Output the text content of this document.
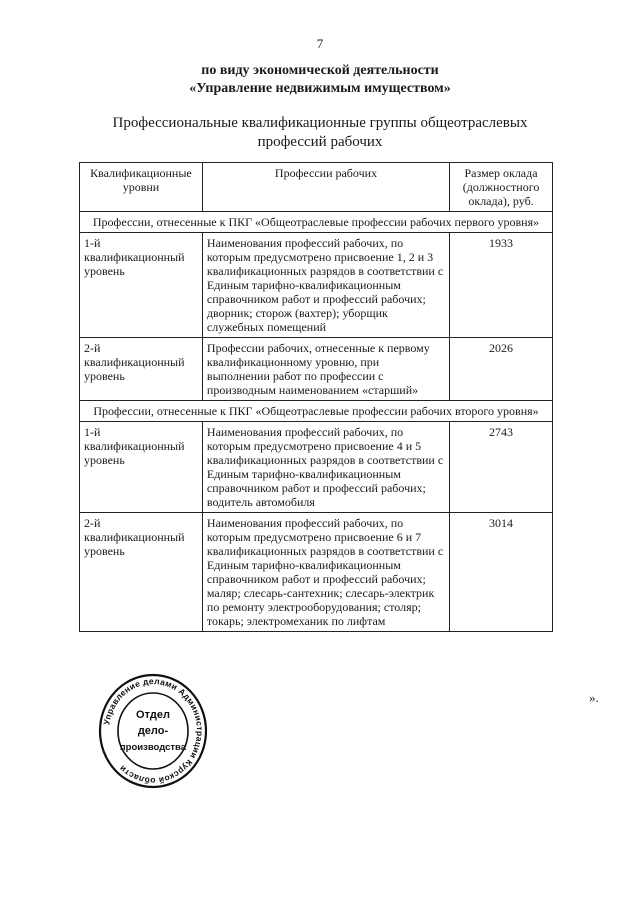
7
по виду экономической деятельности
«Управление недвижимым имуществом»
Профессиональные квалификационные группы общеотраслевых
профессий рабочих
Квалификационные уровни	Профессии рабочих	Размер оклада (должностного оклада), руб.
Профессии, отнесенные к ПКГ «Общеотраслевые профессии рабочих первого уровня»		
1-й квалификационный уровень	Наименования профессий рабочих, по которым предусмотрено присвоение 1, 2 и 3 квалификационных разрядов в соответствии с Единым тарифно-квалификационным справочником работ и профессий рабочих; дворник; сторож (вахтер); уборщик служебных помещений	1933
2-й квалификационный уровень	Профессии рабочих, отнесенные к первому квалификационному уровню, при выполнении работ по профессии с производным наименованием «старший»	2026
Профессии, отнесенные к ПКГ «Общеотраслевые профессии рабочих второго уровня»		
1-й квалификационный уровень	Наименования профессий рабочих, по которым предусмотрено присвоение 4 и 5 квалификационных разрядов в соответствии с Единым тарифно-квалификационным справочником работ и профессий рабочих; водитель автомобиля	2743
2-й квалификационный уровень	Наименования профессий рабочих, по которым предусмотрено присвоение 6 и 7 квалификационных разрядов в соответствии с Единым тарифно-квалификационным справочником работ и профессий рабочих; маляр; слесарь-сантехник; слесарь-электрик по ремонту электрооборудования; столяр; токарь; электромеханик по лифтам	3014
».
Управление делами Администрации Курской области
Отдел
дело-
производства
